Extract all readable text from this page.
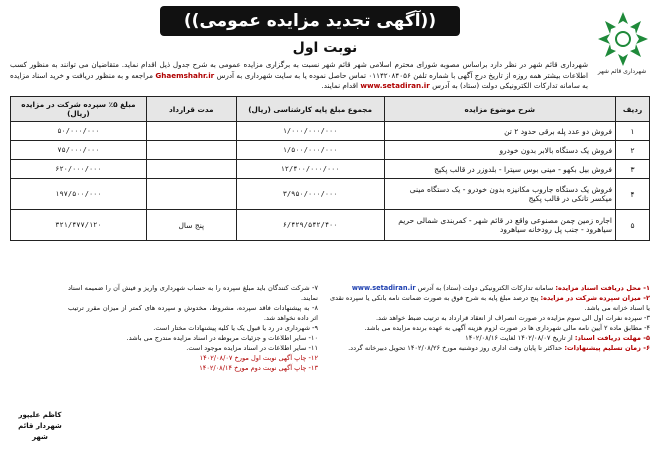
شهرداری قائم شهر
((آگهی تجدید مزایده عمومی))
نوبت اول
شهرداری قائم شهر در نظر دارد براساس مصوبه شورای محترم اسلامی شهر قائم شهر نسبت به برگزاری مزایده عمومی به شرح جدول ذیل اقدام نماید. متقاضیان می توانند به منظور کسب اطلاعات بیشتر همه روزه از تاریخ درج آگهی با شماره تلفن ۰۱۱۴۲۰۸۴۰۵۶ تماس حاصل نموده یا به سایت شهرداری به آدرس Ghaemshahr.ir مراجعه و به منظور دریافت و خرید اسناد مزایده به سامانه تدارکات الکترونیکی دولت (ستاد) به آدرس www.setadiran.ir اقدام نمایند.
ردیف	شرح موضوع مزایده	مجموع مبلغ پایه کارشناسی (ریال)	مدت قرارداد	مبلغ ۵٪ سپرده شرکت در مزایده (ریال)
۱	فروش دو عدد پله برقی حدود ۲ تن	۱/۰۰۰/۰۰۰/۰۰۰		۵۰/۰۰۰/۰۰۰
۲	فروش یک دستگاه بالابر بدون خودرو	۱/۵۰۰/۰۰۰/۰۰۰		۷۵/۰۰۰/۰۰۰
۳	فروش بیل بکهو - مینی بوس سیترا - بلدوزر در قالب پکیج	۱۲/۴۰۰/۰۰۰/۰۰۰		۶۲۰/۰۰۰/۰۰۰
۴	فروش یک دستگاه جاروب مکانیزه بدون خودرو - یک دستگاه مینی میکسر تانکی در قالب پکیج	۳/۹۵۰/۰۰۰/۰۰۰		۱۹۷/۵۰۰/۰۰۰
۵	اجاره زمین چمن مصنوعی واقع در قائم شهر - کمربندی شمالی حریم سیاهرود - جنب پل رودخانه سیاهرود	۶/۴۲۹/۵۴۲/۴۰۰	پنج سال	۳۲۱/۴۷۷/۱۲۰
۱- محل دریافت اسناد مزایده: سامانه تدارکات الکترونیکی دولت (ستاد) به آدرس www.setadiran.ir
۲- میزان سپرده شرکت در مزایده: پنج درصد مبلغ پایه به شرح فوق به صورت ضمانت نامه بانکی یا سپرده نقدی یا اسناد خزانه می باشد.
۳- سپرده نفرات اول الی سوم مزایده در صورت انصراف از انعقاد قرارداد به ترتیب ضبط خواهد شد.
۴- مطابق ماده ۲ آیین نامه مالی شهرداری ها در صورت لزوم هزینه آگهی به عهده برنده مزایده می باشد.
۵- مهلت دریافت اسناد: از تاریخ ۱۴۰۲/۰۸/۰۷ لغایت ۱۴۰۲/۰۸/۱۶
۶- زمان تسلیم پیشنهادات: حداکثر تا پایان وقت اداری روز دوشنبه مورخ ۱۴۰۲/۰۸/۲۶ تحویل دبیرخانه گردد.
۷- شرکت کنندگان باید مبلغ سپرده را به حساب شهرداری واریز و فیش آن را ضمیمه اسناد نمایند.
۸- به پیشنهادات فاقد سپرده، مشروط، مخدوش و سپرده های کمتر از میزان مقرر ترتیب اثر داده نخواهد شد.
۹- شهرداری در رد یا قبول یک یا کلیه پیشنهادات مختار است.
۱۰- سایر اطلاعات و جزئیات مربوطه در اسناد مزایده مندرج می باشد.
۱۱- سایر اطلاعات در اسناد مزایده موجود است.
۱۲- چاپ آگهی نوبت اول مورخ ۱۴۰۲/۰۸/۰۷
۱۳- چاپ آگهی نوبت دوم مورخ ۱۴۰۲/۰۸/۱۴
کاظم علیپور
شهردار قائم شهر
